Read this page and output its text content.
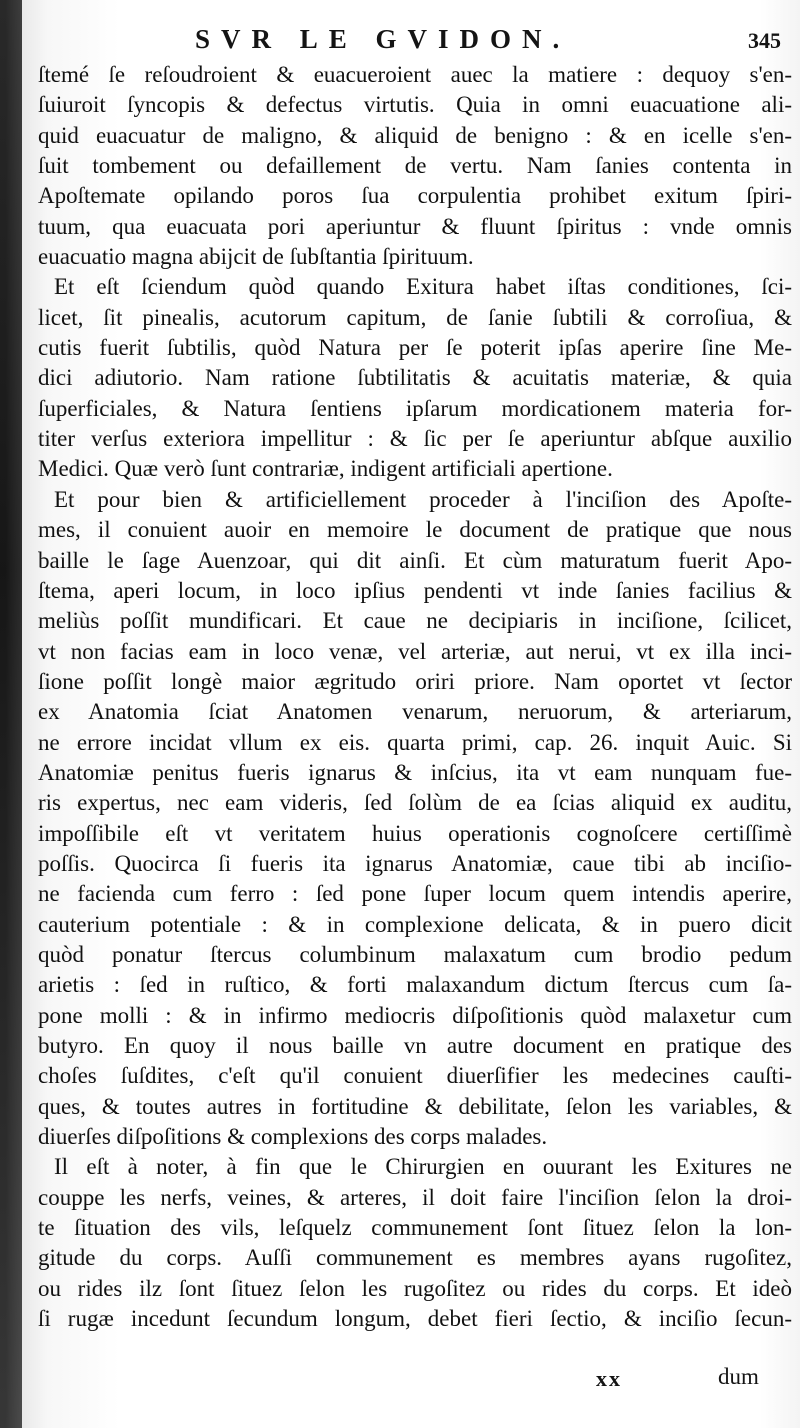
SVR LE GVIDON.	345
ſtemé ſe reſoudroient & euacueroient auec la matiere : dequoy s'en-
ſuiuroit ſyncopis & defectus virtutis. Quia in omni euacuatione ali-
quid euacuatur de maligno, & aliquid de benigno : & en icelle s'en-
ſuit tombement ou defaillement de vertu. Nam ſanies contenta in
Apoſtemate opilando poros ſua corpulentia prohibet exitum ſpiri-
tuum, qua euacuata pori aperiuntur & fluunt ſpiritus : vnde omnis
euacuatio magna abijcit de ſubſtantia ſpirituum.
Et eſt ſciendum quòd quando Exitura habet iſtas conditiones, ſci-
licet, ſit pinealis, acutorum capitum, de ſanie ſubtili & corroſiua, &
cutis fuerit ſubtilis, quòd Natura per ſe poterit ipſas aperire ſine Me-
dici adiutorio. Nam ratione ſubtilitatis & acuitatis materiæ, & quia
ſuperficiales, & Natura ſentiens ipſarum mordicationem materia for-
titer verſus exteriora impellitur : & ſic per ſe aperiuntur abſque auxilio
Medici. Quæ verò ſunt contrariæ, indigent artificiali apertione.
Et pour bien & artificiellement proceder à l'inciſion des Apoſte-
mes, il conuient auoir en memoire le document de pratique que nous
baille le ſage Auenzoar, qui dit ainſi. Et cùm maturatum fuerit Apo-
ſtema, aperi locum, in loco ipſius pendenti vt inde ſanies facilius &
meliùs poſſit mundificari. Et caue ne decipiaris in inciſione, ſcilicet,
vt non facias eam in loco venæ, vel arteriæ, aut nerui, vt ex illa inci-
ſione poſſit longè maior ægritudo oriri priore. Nam oportet vt ſector
ex Anatomia ſciat Anatomen venarum, neruorum, & arteriarum,
ne errore incidat vllum ex eis. quarta primi, cap. 26. inquit Auic. Si
Anatomiæ penitus fueris ignarus & inſcius, ita vt eam nunquam fue-
ris expertus, nec eam videris, ſed ſolùm de ea ſcias aliquid ex auditu,
impoſſibile eſt vt veritatem huius operationis cognoſcere certiſſimè
poſſis. Quocirca ſi fueris ita ignarus Anatomiæ, caue tibi ab inciſio-
ne facienda cum ferro : ſed pone ſuper locum quem intendis aperire,
cauterium potentiale : & in complexione delicata, & in puero dicit
quòd ponatur ſtercus columbinum malaxatum cum brodio pedum
arietis : ſed in ruſtico, & forti malaxandum dictum ſtercus cum ſa-
pone molli : & in infirmo mediocris diſpoſitionis quòd malaxetur cum
butyro. En quoy il nous baille vn autre document en pratique des
choſes ſuſdites, c'eſt qu'il conuient diuerſifier les medecines cauſti-
ques, & toutes autres in fortitudine & debilitate, ſelon les variables, &
diuerſes diſpoſitions & complexions des corps malades.
Il eſt à noter, à fin que le Chirurgien en ouurant les Exitures ne
couppe les nerfs, veines, & arteres, il doit faire l'inciſion ſelon la droi-
te ſituation des vils, leſquelz communement ſont ſituez ſelon la lon-
gitude du corps. Auſſi communement es membres ayans rugoſitez,
ou rides ilz ſont ſituez ſelon les rugoſitez ou rides du corps. Et ideò
ſi rugæ incedunt ſecundum longum, debet fieri ſectio, & inciſio ſecun-
xx	dum
